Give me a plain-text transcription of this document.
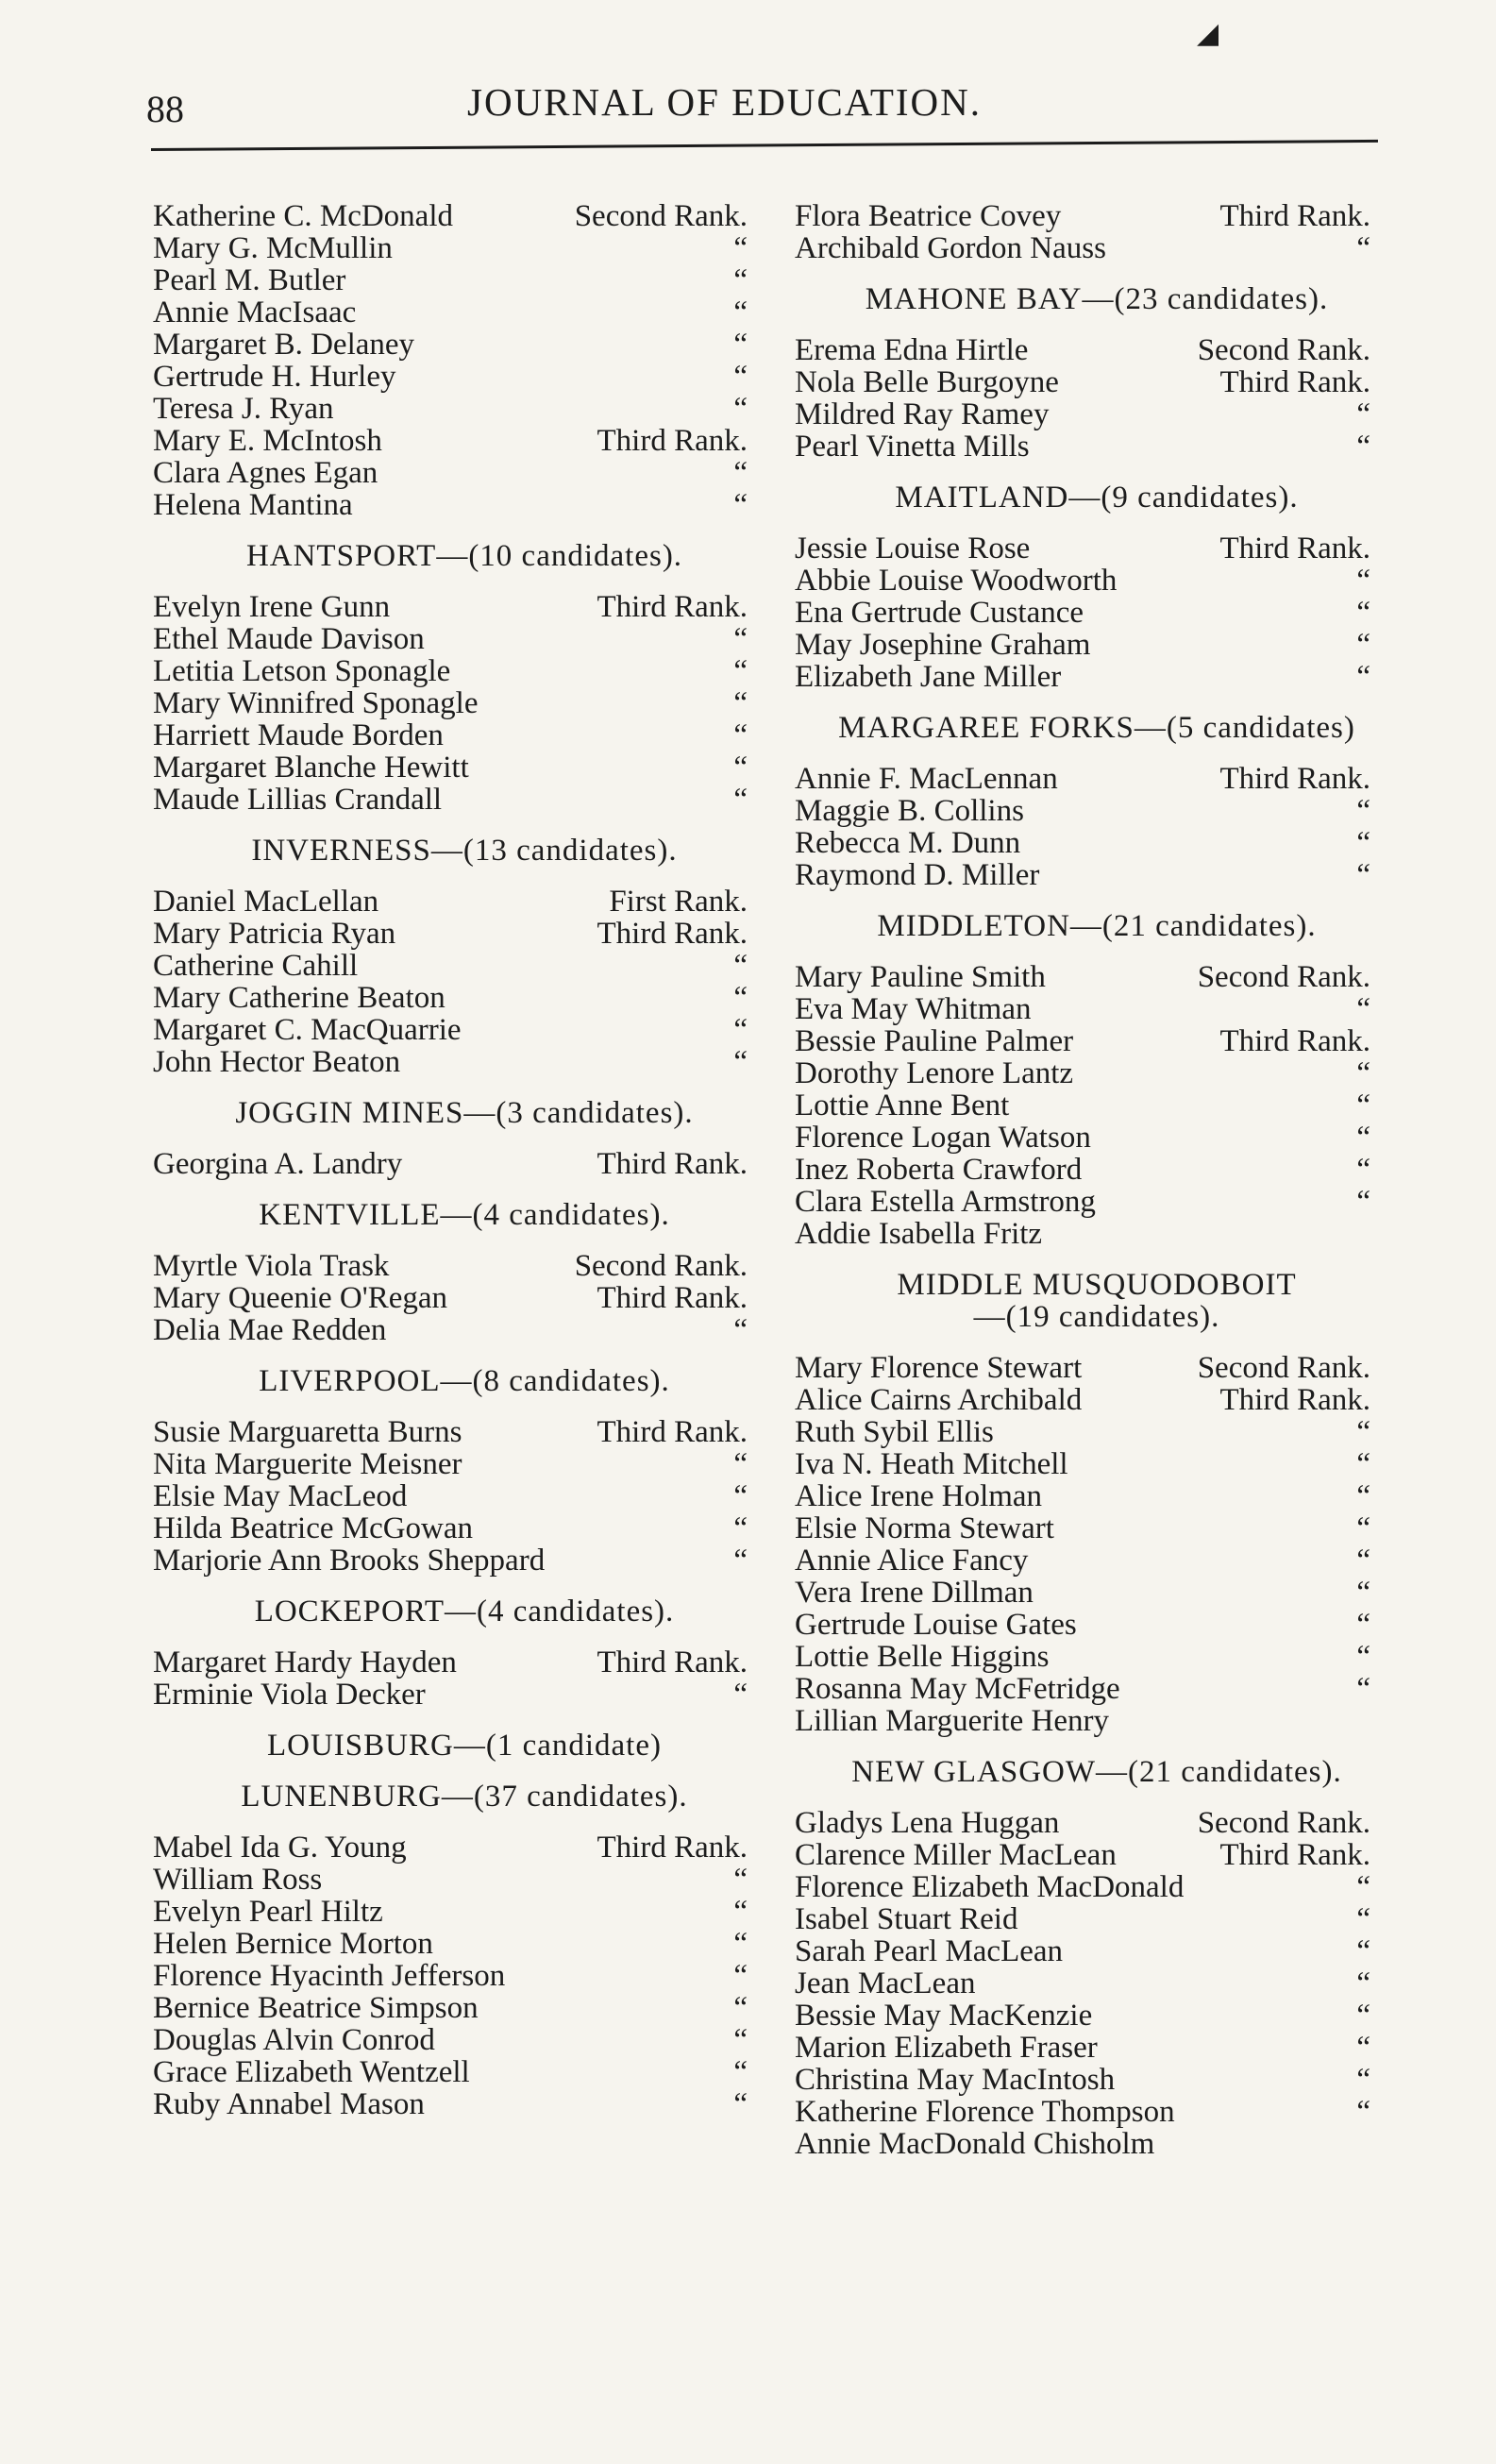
88	JOURNAL OF EDUCATION.
Katherine C. McDonald	Second Rank.
Mary G. McMullin	“
Pearl M. Butler	“
Annie MacIsaac	“
Margaret B. Delaney	“
Gertrude H. Hurley	“
Teresa J. Ryan	“
Mary E. McIntosh	Third Rank.
Clara Agnes Egan	“
Helena Mantina	“
HANTSPORT—(10 candidates).
Evelyn Irene Gunn	Third Rank.
Ethel Maude Davison	“
Letitia Letson Sponagle	“
Mary Winnifred Sponagle	“
Harriett Maude Borden	“
Margaret Blanche Hewitt	“
Maude Lillias Crandall	“
INVERNESS—(13 candidates).
Daniel MacLellan	First Rank.
Mary Patricia Ryan	Third Rank.
Catherine Cahill	“
Mary Catherine Beaton	“
Margaret C. MacQuarrie	“
John Hector Beaton	“
JOGGIN MINES—(3 candidates).
Georgina A. Landry	Third Rank.
KENTVILLE—(4 candidates).
Myrtle Viola Trask	Second Rank.
Mary Queenie O'Regan	Third Rank.
Delia Mae Redden	“
LIVERPOOL—(8 candidates).
Susie Marguaretta Burns	Third Rank.
Nita Marguerite Meisner	“
Elsie May MacLeod	“
Hilda Beatrice McGowan	“
Marjorie Ann Brooks Sheppard	“
LOCKEPORT—(4 candidates).
Margaret Hardy Hayden	Third Rank.
Erminie Viola Decker	“
LOUISBURG—(1 candidate)
LUNENBURG—(37 candidates).
Mabel Ida G. Young	Third Rank.
William Ross	“
Evelyn Pearl Hiltz	“
Helen Bernice Morton	“
Florence Hyacinth Jefferson	“
Bernice Beatrice Simpson	“
Douglas Alvin Conrod	“
Grace Elizabeth Wentzell	“
Ruby Annabel Mason	“
Flora Beatrice Covey	Third Rank.
Archibald Gordon Nauss	“
MAHONE BAY—(23 candidates).
Erema Edna Hirtle	Second Rank.
Nola Belle Burgoyne	Third Rank.
Mildred Ray Ramey	“
Pearl Vinetta Mills	“
MAITLAND—(9 candidates).
Jessie Louise Rose	Third Rank.
Abbie Louise Woodworth	“
Ena Gertrude Custance	“
May Josephine Graham	“
Elizabeth Jane Miller	“
MARGAREE FORKS—(5 candidates)
Annie F. MacLennan	Third Rank.
Maggie B. Collins	“
Rebecca M. Dunn	“
Raymond D. Miller	“
MIDDLETON—(21 candidates).
Mary Pauline Smith	Second Rank.
Eva May Whitman	“
Bessie Pauline Palmer	Third Rank.
Dorothy Lenore Lantz	“
Lottie Anne Bent	“
Florence Logan Watson	“
Inez Roberta Crawford	“
Clara Estella Armstrong	“
Addie Isabella Fritz
MIDDLE MUSQUODOBOIT
—(19 candidates).
Mary Florence Stewart	Second Rank.
Alice Cairns Archibald	Third Rank.
Ruth Sybil Ellis	“
Iva N. Heath Mitchell	“
Alice Irene Holman	“
Elsie Norma Stewart	“
Annie Alice Fancy	“
Vera Irene Dillman	“
Gertrude Louise Gates	“
Lottie Belle Higgins	“
Rosanna May McFetridge	“
Lillian Marguerite Henry
NEW GLASGOW—(21 candidates).
Gladys Lena Huggan	Second Rank.
Clarence Miller MacLean	Third Rank.
Florence Elizabeth MacDonald	“
Isabel Stuart Reid	“
Sarah Pearl MacLean	“
Jean MacLean	“
Bessie May MacKenzie	“
Marion Elizabeth Fraser	“
Christina May MacIntosh	“
Katherine Florence Thompson	“
Annie MacDonald Chisholm
◢
